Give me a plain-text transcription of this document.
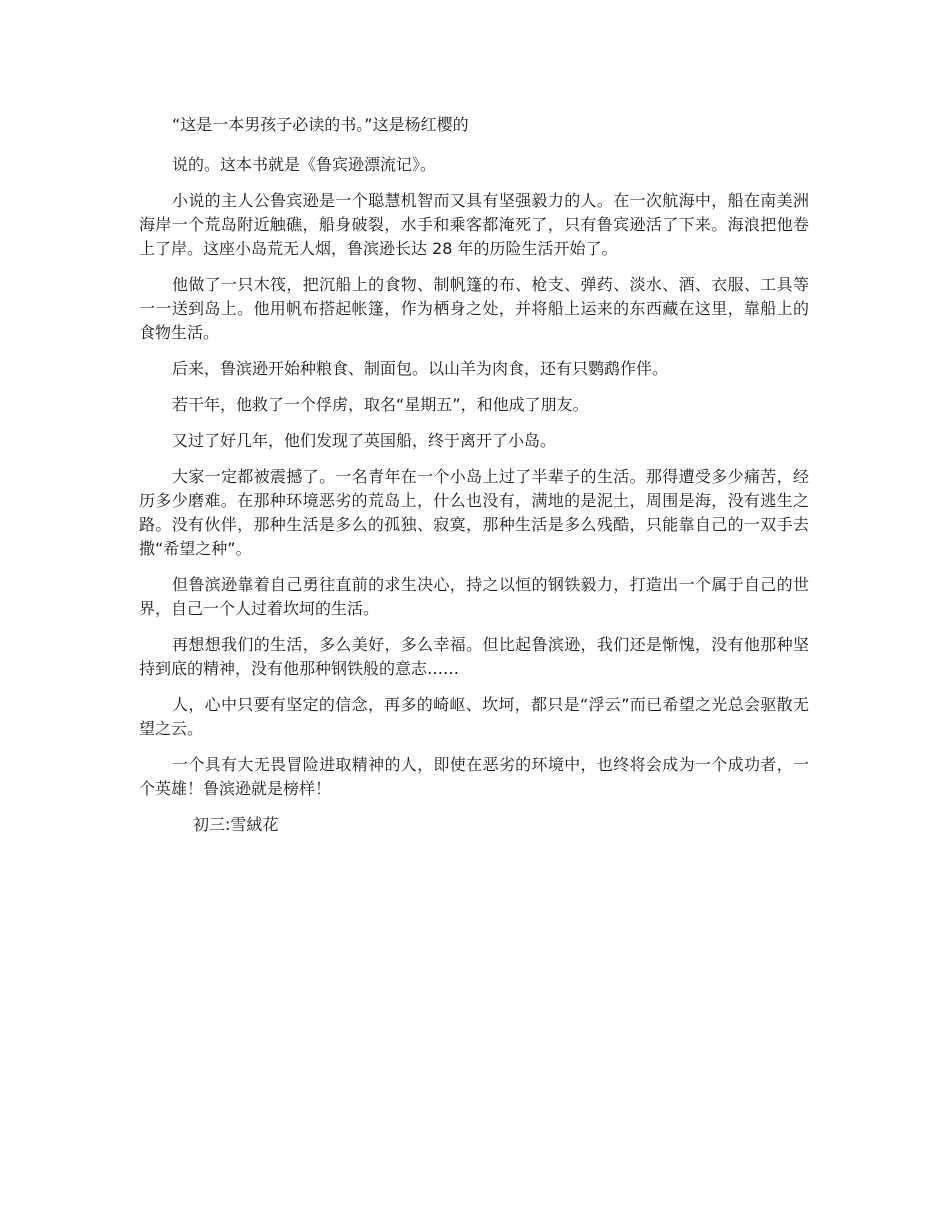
“这是一本男孩子必读的书。”这是杨红樱的

说的。这本书就是《鲁宾逊漂流记》。

小说的主人公鲁宾逊是一个聪慧机智而又具有坚强毅力的人。在一次航海中，船在南美洲海岸一个荒岛附近触礁，船身破裂，水手和乘客都淹死了，只有鲁宾逊活了下来。海浪把他卷上了岸。这座小岛荒无人烟，鲁滨逊长达 28 年的历险生活开始了。

他做了一只木筏，把沉船上的食物、制帆篷的布、枪支、弹药、淡水、酒、衣服、工具等一一送到岛上。他用帆布搭起帐篷，作为栖身之处，并将船上运来的东西藏在这里，靠船上的食物生活。

后来，鲁滨逊开始种粮食、制面包。以山羊为肉食，还有只鹦鹉作伴。

若干年，他救了一个俘虏，取名“星期五”，和他成了朋友。

又过了好几年，他们发现了英国船，终于离开了小岛。

大家一定都被震撼了。一名青年在一个小岛上过了半辈子的生活。那得遭受多少痛苦，经历多少磨难。在那种环境恶劣的荒岛上，什么也没有，满地的是泥土，周围是海，没有逃生之路。没有伙伴，那种生活是多么的孤独、寂寞，那种生活是多么残酷，只能靠自己的一双手去撒“希望之种”。

但鲁滨逊靠着自己勇往直前的求生决心，持之以恒的钢铁毅力，打造出一个属于自己的世界，自己一个人过着坎坷的生活。

再想想我们的生活，多么美好，多么幸福。但比起鲁滨逊，我们还是惭愧，没有他那种坚持到底的精神，没有他那种钢铁般的意志……

人，心中只要有坚定的信念，再多的崎岖、坎坷，都只是“浮云”而已希望之光总会驱散无望之云。

一个具有大无畏冒险进取精神的人，即使在恶劣的环境中，也终将会成为一个成功者，一个英雄！鲁滨逊就是榜样！

初三:雪絨花
